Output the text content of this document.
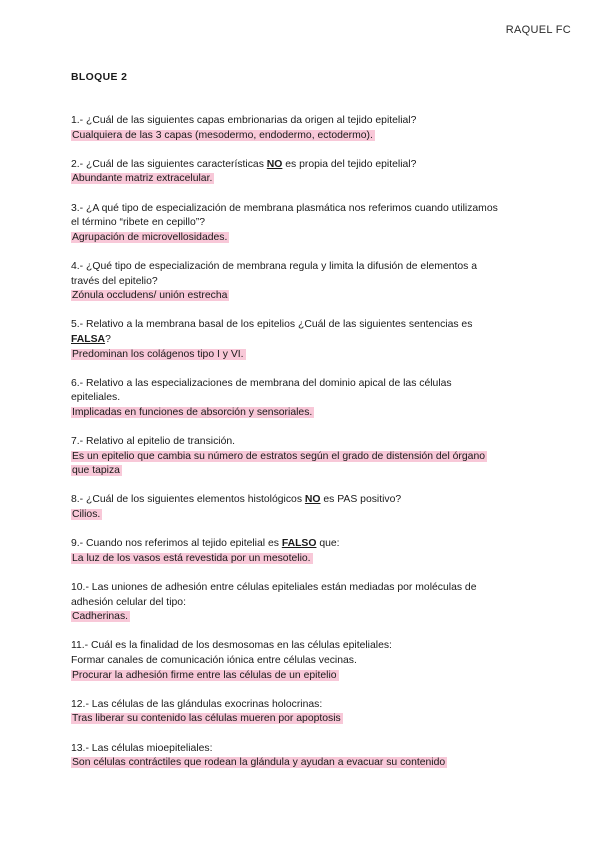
RAQUEL FC
BLOQUE 2
1.- ¿Cuál de las siguientes capas embrionarias da origen al tejido epitelial?
Cualquiera de las 3 capas (mesodermo, endodermo, ectodermo).
2.- ¿Cuál de las siguientes características NO es propia del tejido epitelial?
Abundante matriz extracelular.
3.- ¿A qué tipo de especialización de membrana plasmática nos referimos cuando utilizamos
el término “ribete en cepillo”?
Agrupación de microvellosidades.
4.- ¿Qué tipo de especialización de membrana regula y limita la difusión de elementos a
través del epitelio?
Zónula occludens/ unión estrecha
5.- Relativo a la membrana basal de los epitelios ¿Cuál de las siguientes sentencias es
FALSA?
Predominan los colágenos tipo I y VI.
6.- Relativo a las especializaciones de membrana del dominio apical de las células
epiteliales.
Implicadas en funciones de absorción y sensoriales.
7.- Relativo al epitelio de transición.
Es un epitelio que cambia su número de estratos según el grado de distensión del órgano
que tapiza
8.- ¿Cuál de los siguientes elementos histológicos NO es PAS positivo?
Cilios.
9.- Cuando nos referimos al tejido epitelial es FALSO que:
La luz de los vasos está revestida por un mesotelio.
10.- Las uniones de adhesión entre células epiteliales están mediadas por moléculas de
adhesión celular del tipo:
Cadherinas.
11.- Cuál es la finalidad de los desmosomas en las células epiteliales:
Formar canales de comunicación iónica entre células vecinas.
Procurar la adhesión firme entre las células de un epitelio
12.- Las células de las glándulas exocrinas holocrinas:
Tras liberar su contenido las células mueren por apoptosis
13.- Las células mioepiteliales:
Son células contráctiles que rodean la glándula y ayudan a evacuar su contenido
